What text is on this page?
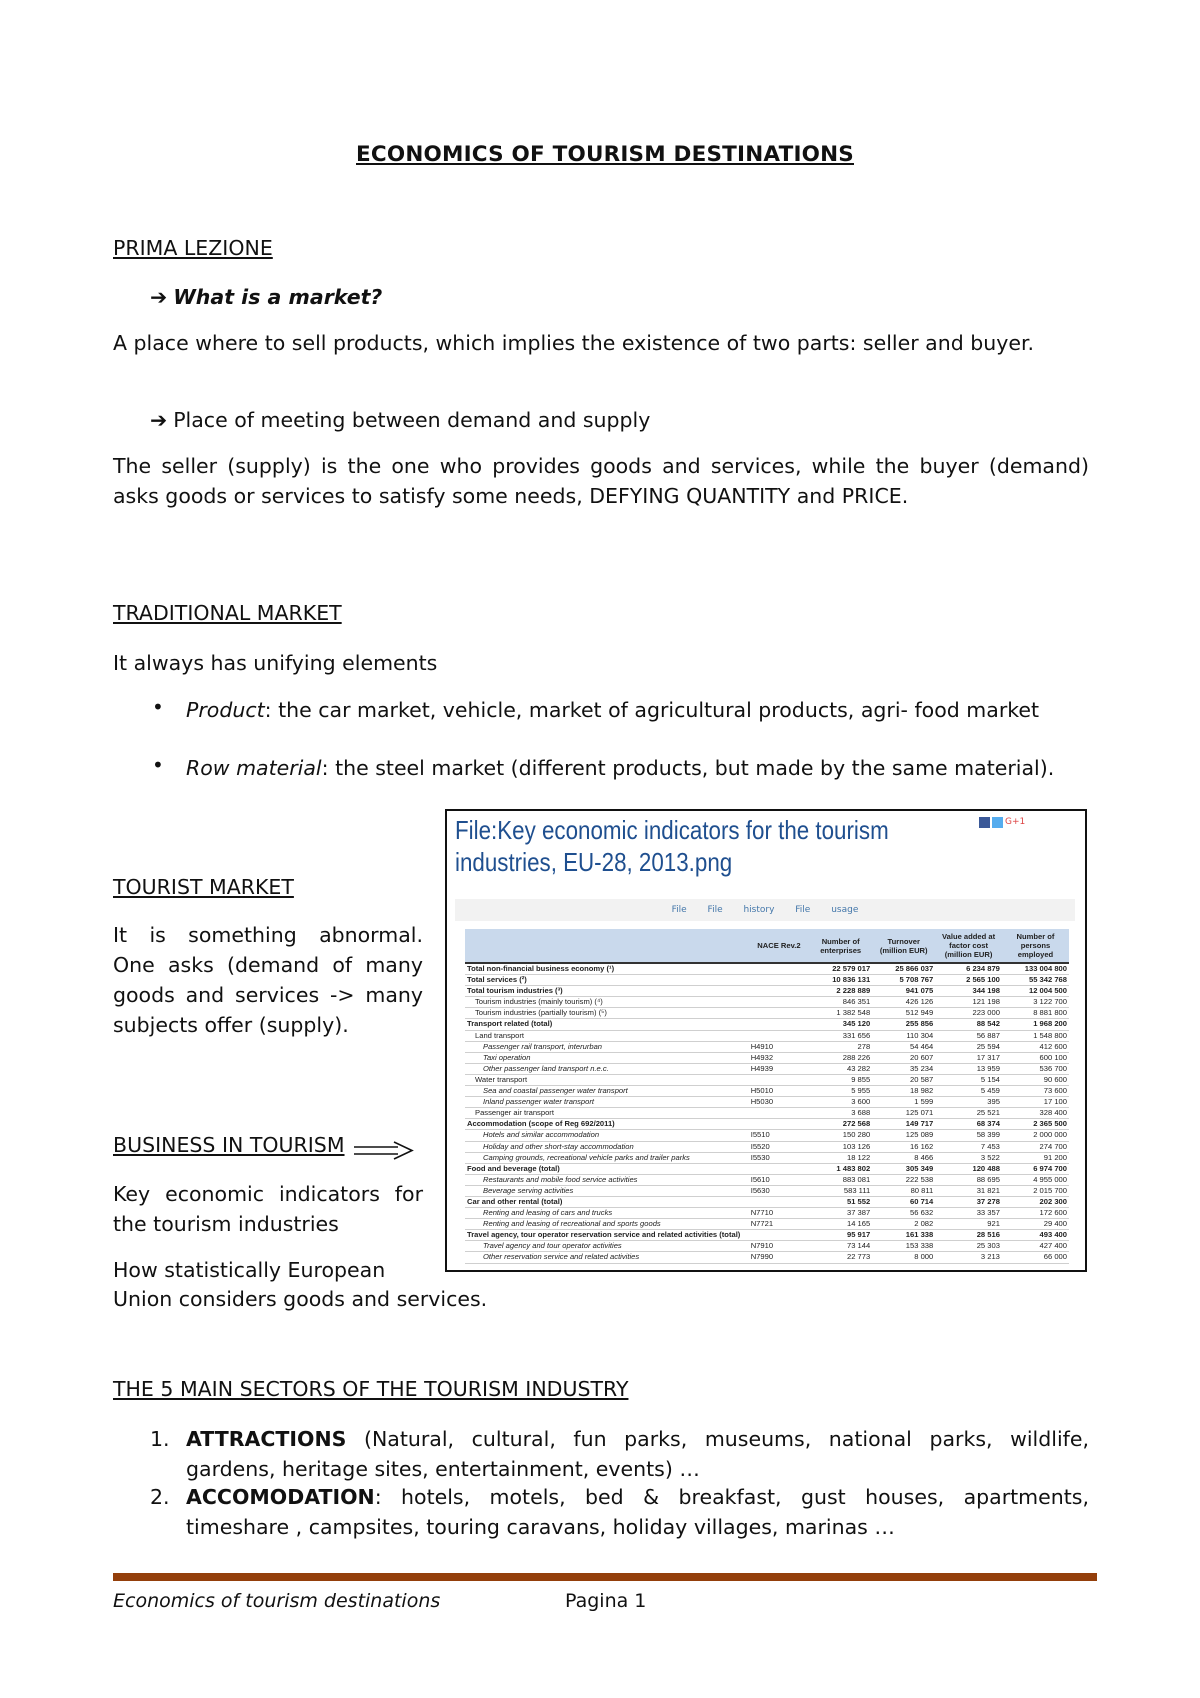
ECONOMICS OF TOURISM DESTINATIONS
PRIMA LEZIONE
➔ What is a market?
A place where to sell products, which implies the existence of two parts: seller and buyer.
➔ Place of meeting between demand and supply
The seller (supply) is the one who provides goods and services, while the buyer (demand) asks goods or services to satisfy some needs, DEFYING QUANTITY and PRICE.
TRADITIONAL MARKET
It always has unifying elements
• Product: the car market, vehicle, market of agricultural products, agri- food market
• Row material: the steel market (different products, but made by the same material).
TOURIST MARKET
It is something abnormal. One asks (demand of many goods and services -> many subjects offer (supply).
BUSINESS IN TOURISM
Key economic indicators for the tourism industries
How statistically European
Union considers goods and services.
File:Key economic indicators for the tourism industries, EU-28, 2013.png
G+1
File File history File usage
	NACE Rev.2	Number of enterprises	Turnover (million EUR)	Value added at factor cost (million EUR)	Number of persons employed
Total non-financial business economy (¹)		22 579 017	25 866 037	6 234 879	133 004 800
Total services (²)		10 836 131	5 708 767	2 565 100	55 342 768
Total tourism industries (³)		2 228 889	941 075	344 198	12 004 500
Tourism industries (mainly tourism) (⁴)		846 351	426 126	121 198	3 122 700
Tourism industries (partially tourism) (⁵)		1 382 548	512 949	223 000	8 881 800
Transport related (total)		345 120	255 856	88 542	1 968 200
Land transport		331 656	110 304	56 887	1 548 800
Passenger rail transport, interurban	H4910	278	54 464	25 594	412 600
Taxi operation	H4932	288 226	20 607	17 317	600 100
Other passenger land transport n.e.c.	H4939	43 282	35 234	13 959	536 700
Water transport		9 855	20 587	5 154	90 600
Sea and coastal passenger water transport	H5010	5 955	18 982	5 459	73 600
Inland passenger water transport	H5030	3 600	1 599	395	17 100
Passenger air transport		3 688	125 071	25 521	328 400
Accommodation (scope of Reg 692/2011)		272 568	149 717	68 374	2 365 500
Hotels and similar accommodation	I5510	150 280	125 089	58 399	2 000 000
Holiday and other short-stay accommodation	I5520	103 126	16 162	7 453	274 700
Camping grounds, recreational vehicle parks and trailer parks	I5530	18 122	8 466	3 522	91 200
Food and beverage (total)		1 483 802	305 349	120 488	6 974 700
Restaurants and mobile food service activities	I5610	883 081	222 538	88 695	4 955 000
Beverage serving activities	I5630	583 111	80 811	31 821	2 015 700
Car and other rental (total)		51 552	60 714	37 278	202 300
Renting and leasing of cars and trucks	N7710	37 387	56 632	33 357	172 600
Renting and leasing of recreational and sports goods	N7721	14 165	2 082	921	29 400
Travel agency, tour operator reservation service and related activities (total)		95 917	161 338	28 516	493 400
Travel agency and tour operator activities	N7910	73 144	153 338	25 303	427 400
Other reservation service and related activities	N7990	22 773	8 000	3 213	66 000
THE 5 MAIN SECTORS OF THE TOURISM INDUSTRY
1. ATTRACTIONS (Natural, cultural, fun parks, museums, national parks, wildlife, gardens, heritage sites, entertainment, events) …
2. ACCOMODATION: hotels, motels, bed & breakfast, gust houses, apartments, timeshare , campsites, touring caravans, holiday villages, marinas …
Economics of tourism destinations	Pagina 1
